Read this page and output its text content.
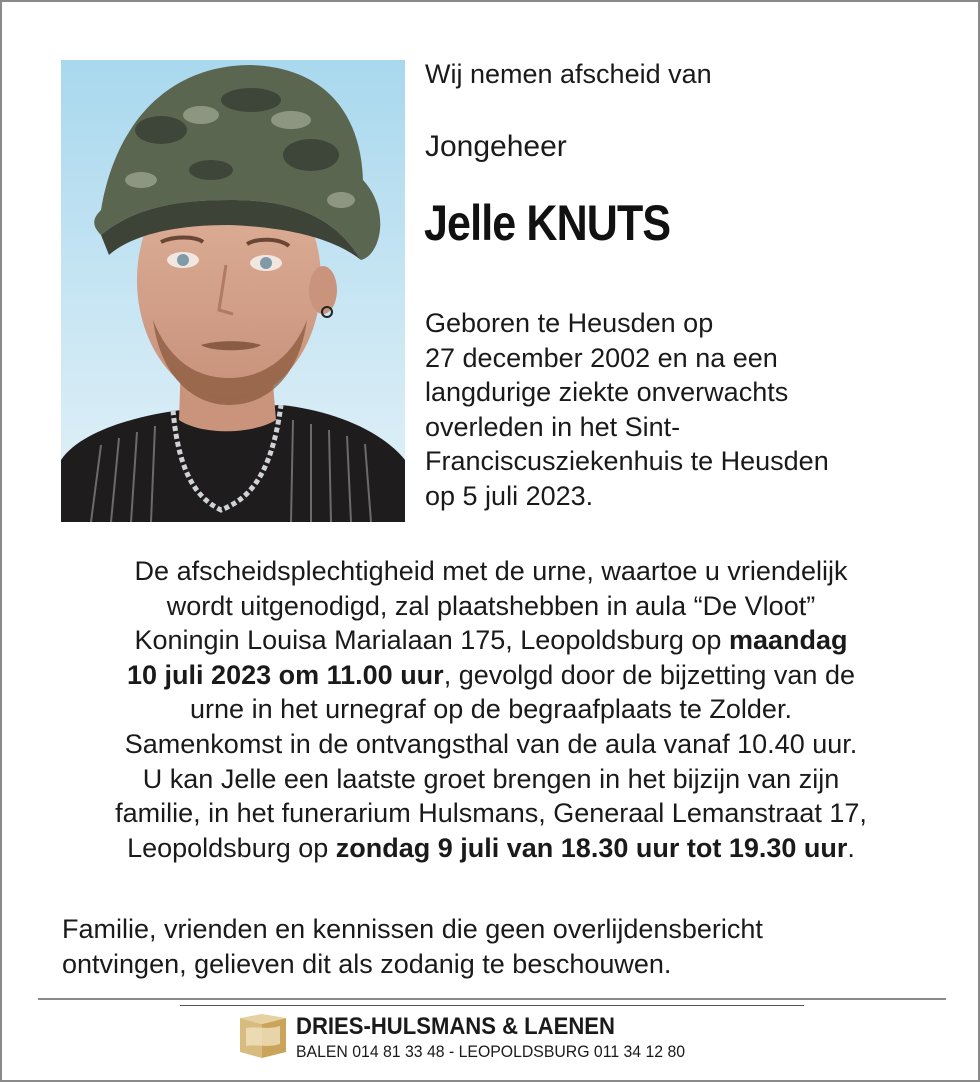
Wij nemen afscheid van
Jongeheer
Jelle KNUTS
Geboren te Heusden op
27 december 2002 en na een
langdurige ziekte onverwachts
overleden in het Sint-
Franciscusziekenhuis te Heusden
op 5 juli 2023.
De afscheidsplechtigheid met de urne, waartoe u vriendelijk
wordt uitgenodigd, zal plaatshebben in aula “De Vloot”
Koningin Louisa Marialaan 175, Leopoldsburg op maandag
10 juli 2023 om 11.00 uur, gevolgd door de bijzetting van de
urne in het urnegraf op de begraafplaats te Zolder.
Samenkomst in de ontvangsthal van de aula vanaf 10.40 uur.
U kan Jelle een laatste groet brengen in het bijzijn van zijn
familie, in het funerarium Hulsmans, Generaal Lemanstraat 17,
Leopoldsburg op zondag 9 juli van 18.30 uur tot 19.30 uur.
Familie, vrienden en kennissen die geen overlijdensbericht
ontvingen, gelieven dit als zodanig te beschouwen.
DRIES-HULSMANS & LAENEN
BALEN 014 81 33 48 - LEOPOLDSBURG 011 34 12 80
